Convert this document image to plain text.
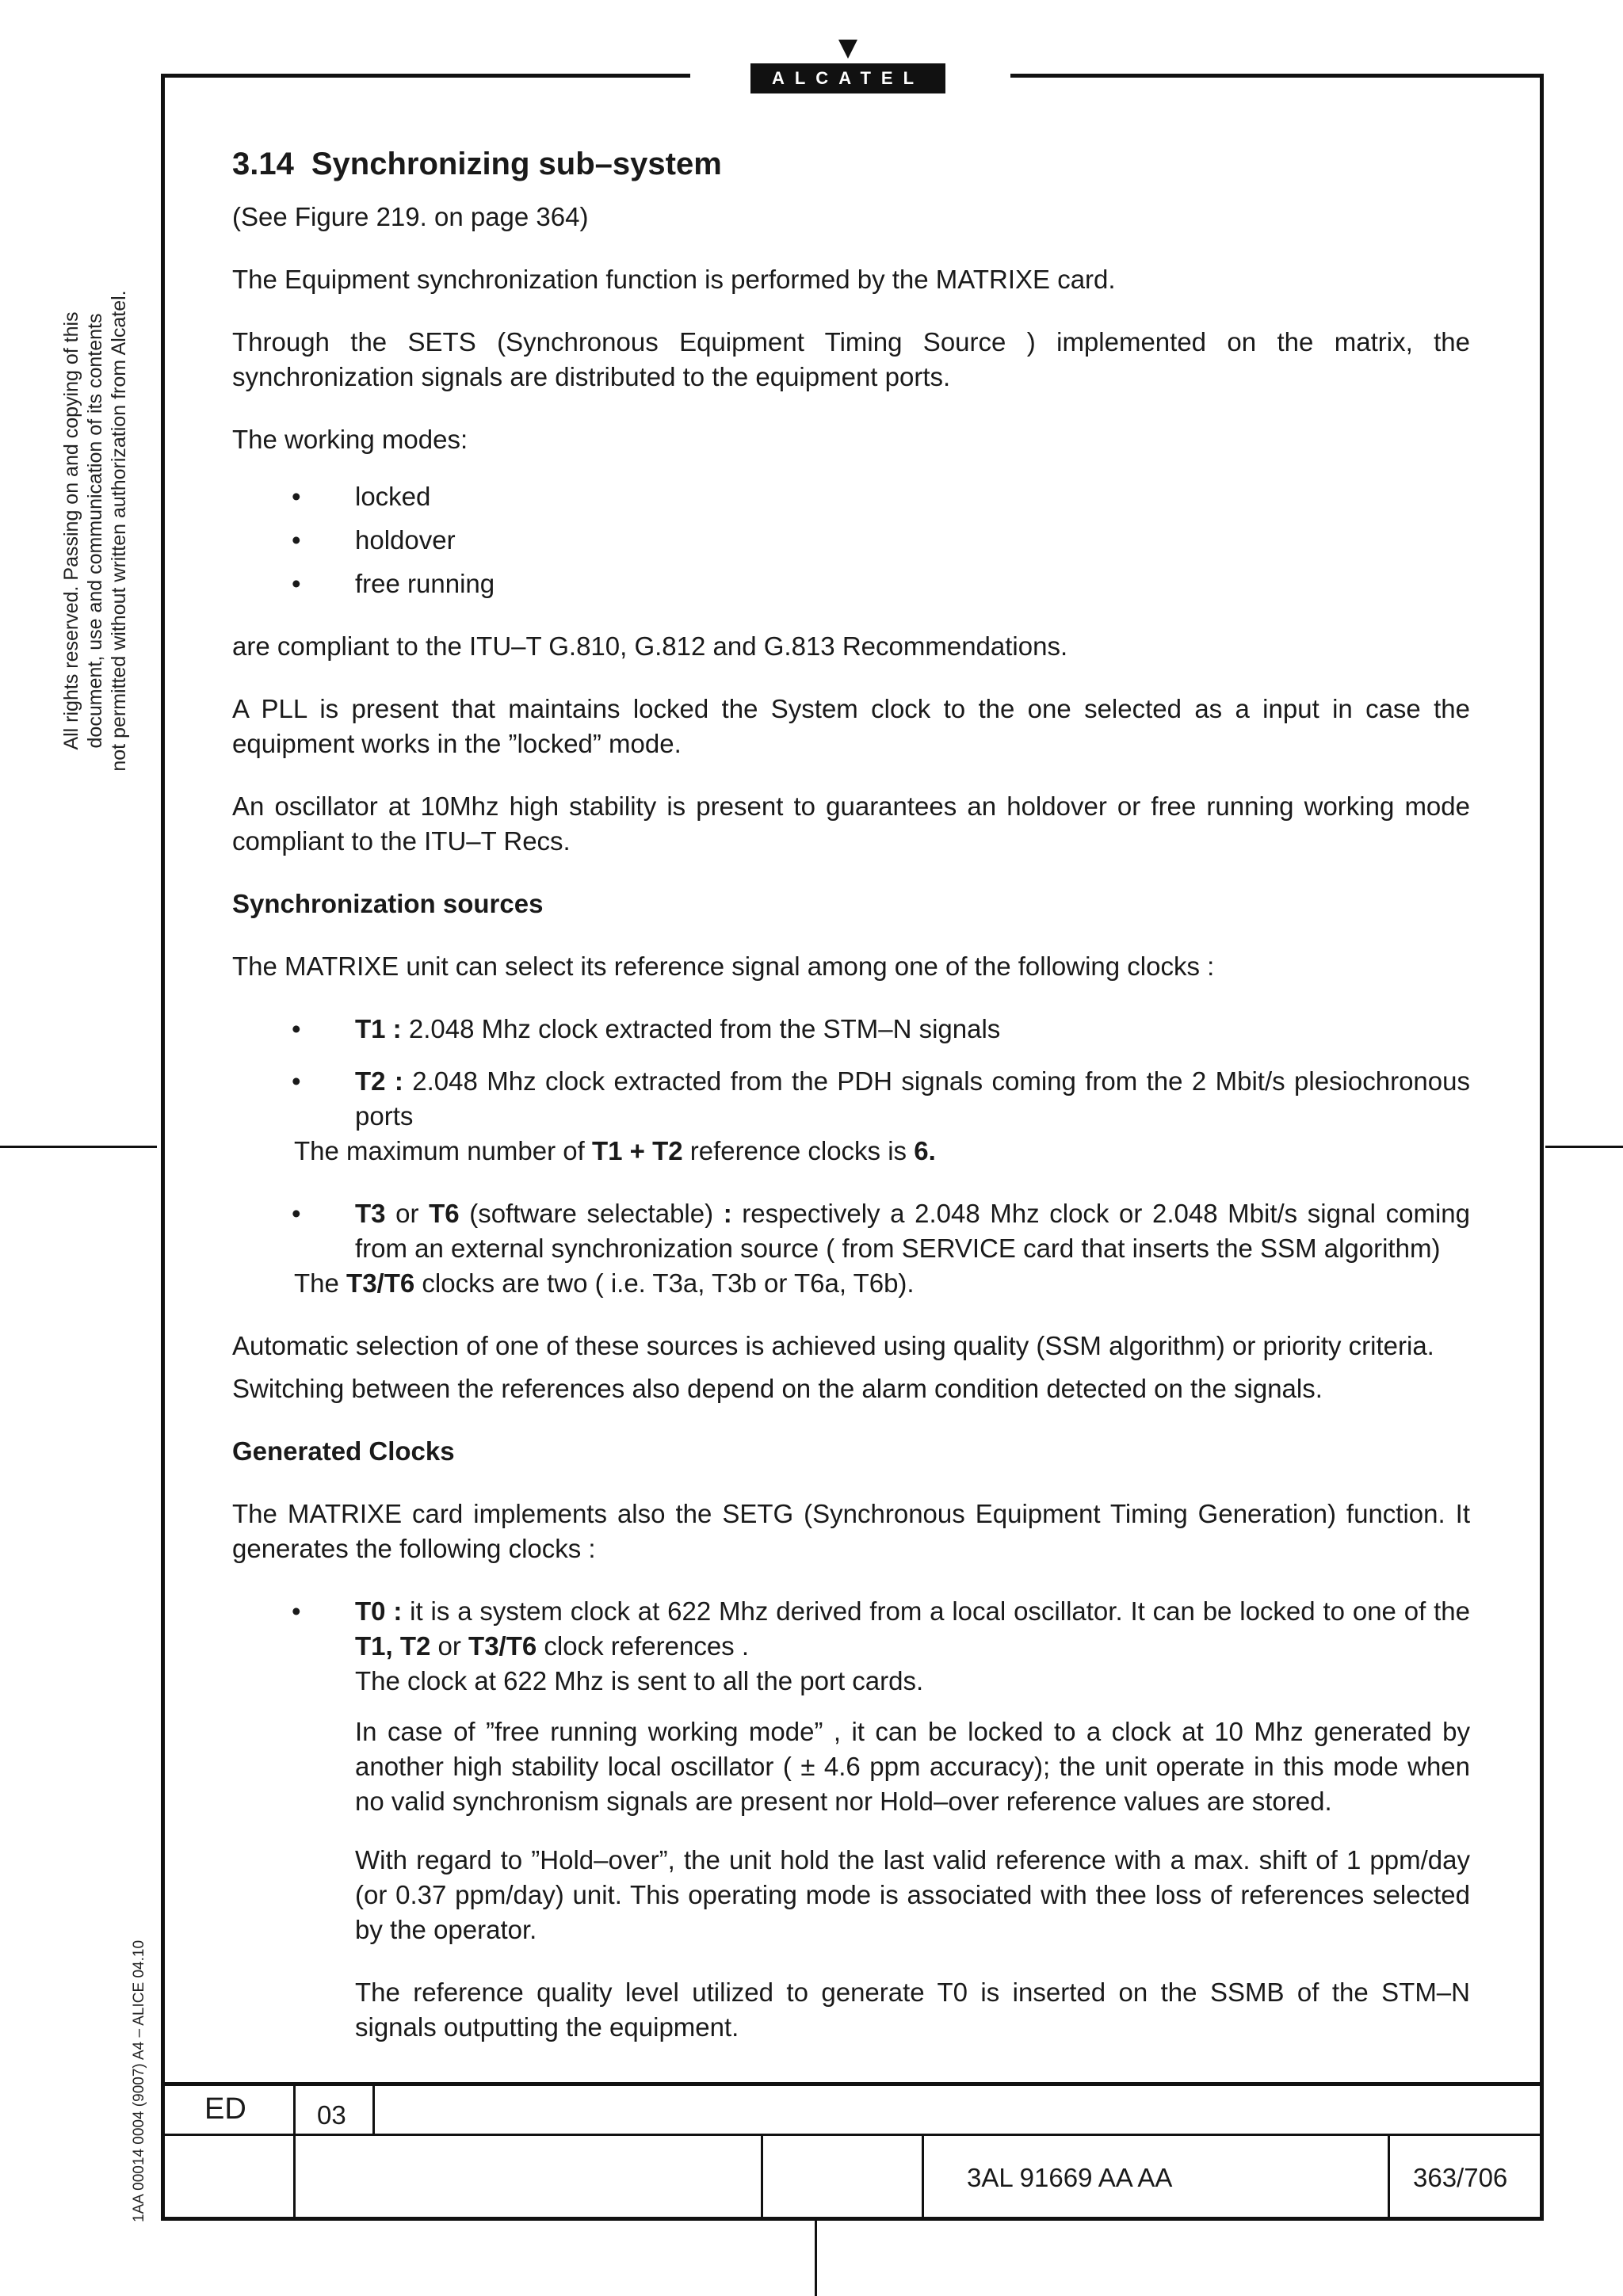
ALCATEL
All rights reserved. Passing on and copying of this document, use and communication of its contents not permitted without written authorization from Alcatel.
1AA 00014 0004 (9007) A4 – ALICE 04.10
3.14 Synchronizing sub–system

(See Figure 219. on page 364)

The Equipment synchronization function is performed by the MATRIXE card.

Through the SETS (Synchronous Equipment Timing Source ) implemented on the matrix, the synchronization signals are distributed to the equipment ports.

The working modes:

• locked
• holdover
• free running

are compliant to the ITU–T G.810, G.812 and G.813 Recommendations.

A PLL is present that maintains locked the System clock to the one selected as a input in case the equipment works in the ”locked” mode.

An oscillator at 10Mhz high stability is present to guarantees an holdover or free running working mode compliant to the ITU–T Recs.

Synchronization sources

The MATRIXE unit can select its reference signal among one of the following clocks :

• T1 : 2.048 Mhz clock extracted from the STM–N signals
• T2 : 2.048 Mhz clock extracted from the PDH signals coming from the 2 Mbit/s plesiochronous ports
The maximum number of T1 + T2 reference clocks is 6.
• T3 or T6 (software selectable) : respectively a 2.048 Mhz clock or 2.048 Mbit/s signal coming from an external synchronization source ( from SERVICE card that inserts the SSM algorithm)
The T3/T6 clocks are two ( i.e. T3a, T3b or T6a, T6b).

Automatic selection of one of these sources is achieved using quality (SSM algorithm) or priority criteria.

Switching between the references also depend on the alarm condition detected on the signals.

Generated Clocks

The MATRIXE card implements also the SETG (Synchronous Equipment Timing Generation) function. It generates the following clocks :

• T0 : it is a system clock at 622 Mhz derived from a local oscillator. It can be locked to one of the T1, T2 or T3/T6 clock references .
The clock at 622 Mhz is sent to all the port cards.

In case of ”free running working mode” , it can be locked to a clock at 10 Mhz generated by another high stability local oscillator ( ± 4.6 ppm accuracy); the unit operate in this mode when no valid synchronism signals are present nor Hold–over reference values are stored.

With regard to ”Hold–over”, the unit hold the last valid reference with a max. shift of 1 ppm/day (or 0.37 ppm/day) unit. This operating mode is associated with thee loss of references selected by the operator.

The reference quality level utilized to generate T0 is inserted on the SSMB of the STM–N signals outputting the equipment.

ED	03
3AL 91669 AA AA	363/706
